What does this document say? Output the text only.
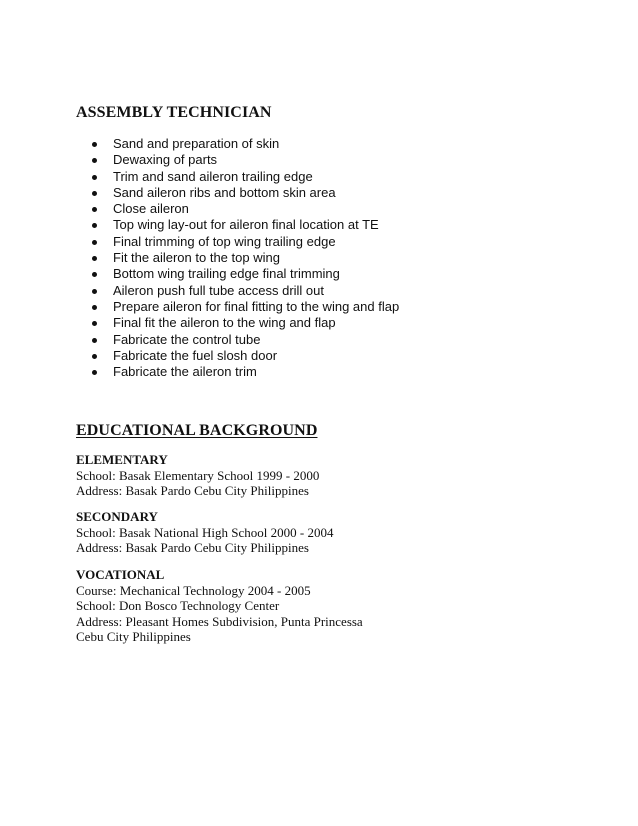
ASSEMBLY TECHNICIAN
Sand and preparation of skin
Dewaxing of parts
Trim and sand aileron trailing edge
Sand aileron ribs and bottom skin area
Close aileron
Top wing lay-out for aileron final location at TE
Final trimming of top wing trailing edge
Fit the aileron to the top wing
Bottom wing trailing edge final trimming
Aileron push full tube access drill out
Prepare aileron for final fitting to the wing and flap
Final fit the aileron to the wing and flap
Fabricate the control tube
Fabricate the fuel slosh door
Fabricate the aileron trim
EDUCATIONAL BACKGROUND
ELEMENTARY
School: Basak Elementary School 1999 - 2000
Address: Basak Pardo Cebu City Philippines
SECONDARY
School: Basak National High School 2000 - 2004
Address: Basak Pardo Cebu City Philippines
VOCATIONAL
Course: Mechanical Technology 2004 - 2005
School: Don Bosco Technology Center
Address: Pleasant Homes Subdivision, Punta Princessa
Cebu City Philippines
